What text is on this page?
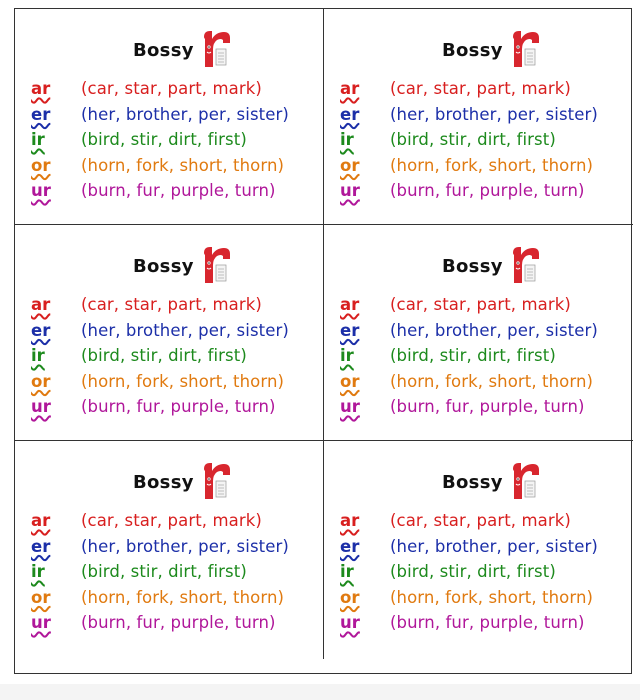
Bossy
ar	(car, star, part, mark)
er	(her, brother, per, sister)
ir	(bird, stir, dirt, first)
or	(horn, fork, short, thorn)
ur	(burn, fur, purple, turn)
Bossy
ar	(car, star, part, mark)
er	(her, brother, per, sister)
ir	(bird, stir, dirt, first)
or	(horn, fork, short, thorn)
ur	(burn, fur, purple, turn)
Bossy
ar	(car, star, part, mark)
er	(her, brother, per, sister)
ir	(bird, stir, dirt, first)
or	(horn, fork, short, thorn)
ur	(burn, fur, purple, turn)
Bossy
ar	(car, star, part, mark)
er	(her, brother, per, sister)
ir	(bird, stir, dirt, first)
or	(horn, fork, short, thorn)
ur	(burn, fur, purple, turn)
Bossy
ar	(car, star, part, mark)
er	(her, brother, per, sister)
ir	(bird, stir, dirt, first)
or	(horn, fork, short, thorn)
ur	(burn, fur, purple, turn)
Bossy
ar	(car, star, part, mark)
er	(her, brother, per, sister)
ir	(bird, stir, dirt, first)
or	(horn, fork, short, thorn)
ur	(burn, fur, purple, turn)
